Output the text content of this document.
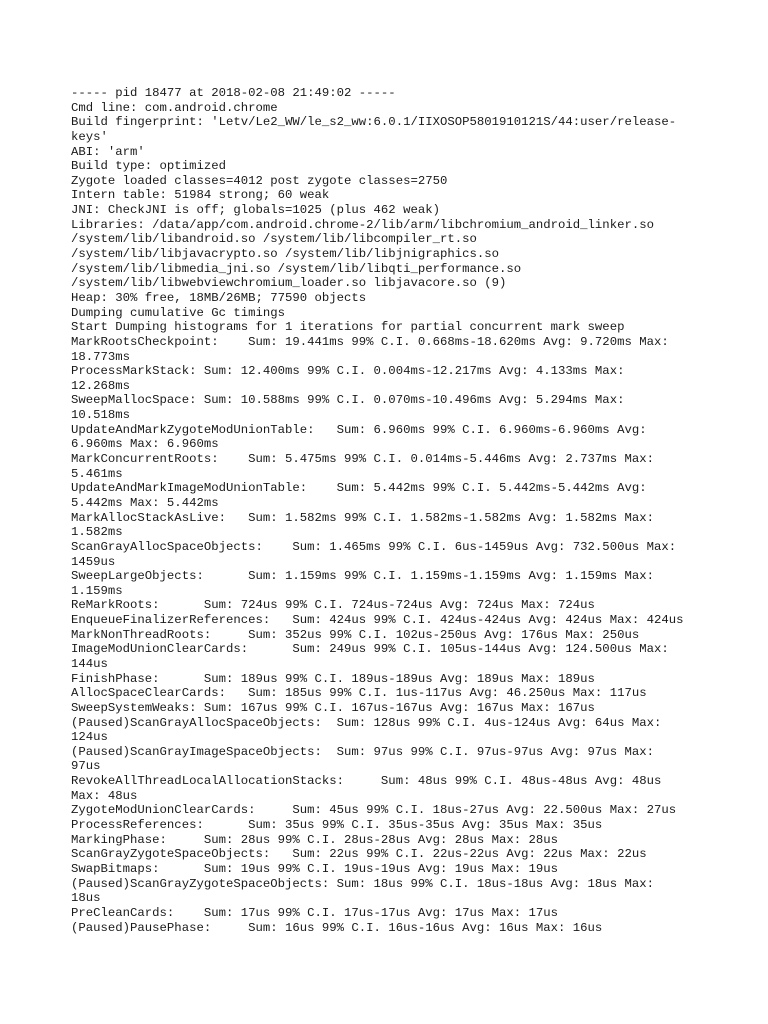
----- pid 18477 at 2018-02-08 21:49:02 -----
Cmd line: com.android.chrome
Build fingerprint: 'Letv/Le2_WW/le_s2_ww:6.0.1/IIXOSOP5801910121S/44:user/release-
keys'
ABI: 'arm'
Build type: optimized
Zygote loaded classes=4012 post zygote classes=2750
Intern table: 51984 strong; 60 weak
JNI: CheckJNI is off; globals=1025 (plus 462 weak)
Libraries: /data/app/com.android.chrome-2/lib/arm/libchromium_android_linker.so
/system/lib/libandroid.so /system/lib/libcompiler_rt.so
/system/lib/libjavacrypto.so /system/lib/libjnigraphics.so
/system/lib/libmedia_jni.so /system/lib/libqti_performance.so
/system/lib/libwebviewchromium_loader.so libjavacore.so (9)
Heap: 30% free, 18MB/26MB; 77590 objects
Dumping cumulative Gc timings
Start Dumping histograms for 1 iterations for partial concurrent mark sweep
MarkRootsCheckpoint:    Sum: 19.441ms 99% C.I. 0.668ms-18.620ms Avg: 9.720ms Max:
18.773ms
ProcessMarkStack: Sum: 12.400ms 99% C.I. 0.004ms-12.217ms Avg: 4.133ms Max:
12.268ms
SweepMallocSpace: Sum: 10.588ms 99% C.I. 0.070ms-10.496ms Avg: 5.294ms Max:
10.518ms
UpdateAndMarkZygoteModUnionTable:   Sum: 6.960ms 99% C.I. 6.960ms-6.960ms Avg:
6.960ms Max: 6.960ms
MarkConcurrentRoots:    Sum: 5.475ms 99% C.I. 0.014ms-5.446ms Avg: 2.737ms Max:
5.461ms
UpdateAndMarkImageModUnionTable:    Sum: 5.442ms 99% C.I. 5.442ms-5.442ms Avg:
5.442ms Max: 5.442ms
MarkAllocStackAsLive:   Sum: 1.582ms 99% C.I. 1.582ms-1.582ms Avg: 1.582ms Max:
1.582ms
ScanGrayAllocSpaceObjects:    Sum: 1.465ms 99% C.I. 6us-1459us Avg: 732.500us Max:
1459us
SweepLargeObjects:      Sum: 1.159ms 99% C.I. 1.159ms-1.159ms Avg: 1.159ms Max:
1.159ms
ReMarkRoots:      Sum: 724us 99% C.I. 724us-724us Avg: 724us Max: 724us
EnqueueFinalizerReferences:   Sum: 424us 99% C.I. 424us-424us Avg: 424us Max: 424us
MarkNonThreadRoots:     Sum: 352us 99% C.I. 102us-250us Avg: 176us Max: 250us
ImageModUnionClearCards:      Sum: 249us 99% C.I. 105us-144us Avg: 124.500us Max:
144us
FinishPhase:      Sum: 189us 99% C.I. 189us-189us Avg: 189us Max: 189us
AllocSpaceClearCards:   Sum: 185us 99% C.I. 1us-117us Avg: 46.250us Max: 117us
SweepSystemWeaks: Sum: 167us 99% C.I. 167us-167us Avg: 167us Max: 167us
(Paused)ScanGrayAllocSpaceObjects:  Sum: 128us 99% C.I. 4us-124us Avg: 64us Max:
124us
(Paused)ScanGrayImageSpaceObjects:  Sum: 97us 99% C.I. 97us-97us Avg: 97us Max:
97us
RevokeAllThreadLocalAllocationStacks:     Sum: 48us 99% C.I. 48us-48us Avg: 48us
Max: 48us
ZygoteModUnionClearCards:     Sum: 45us 99% C.I. 18us-27us Avg: 22.500us Max: 27us
ProcessReferences:      Sum: 35us 99% C.I. 35us-35us Avg: 35us Max: 35us
MarkingPhase:     Sum: 28us 99% C.I. 28us-28us Avg: 28us Max: 28us
ScanGrayZygoteSpaceObjects:   Sum: 22us 99% C.I. 22us-22us Avg: 22us Max: 22us
SwapBitmaps:      Sum: 19us 99% C.I. 19us-19us Avg: 19us Max: 19us
(Paused)ScanGrayZygoteSpaceObjects: Sum: 18us 99% C.I. 18us-18us Avg: 18us Max:
18us
PreCleanCards:    Sum: 17us 99% C.I. 17us-17us Avg: 17us Max: 17us
(Paused)PausePhase:     Sum: 16us 99% C.I. 16us-16us Avg: 16us Max: 16us
